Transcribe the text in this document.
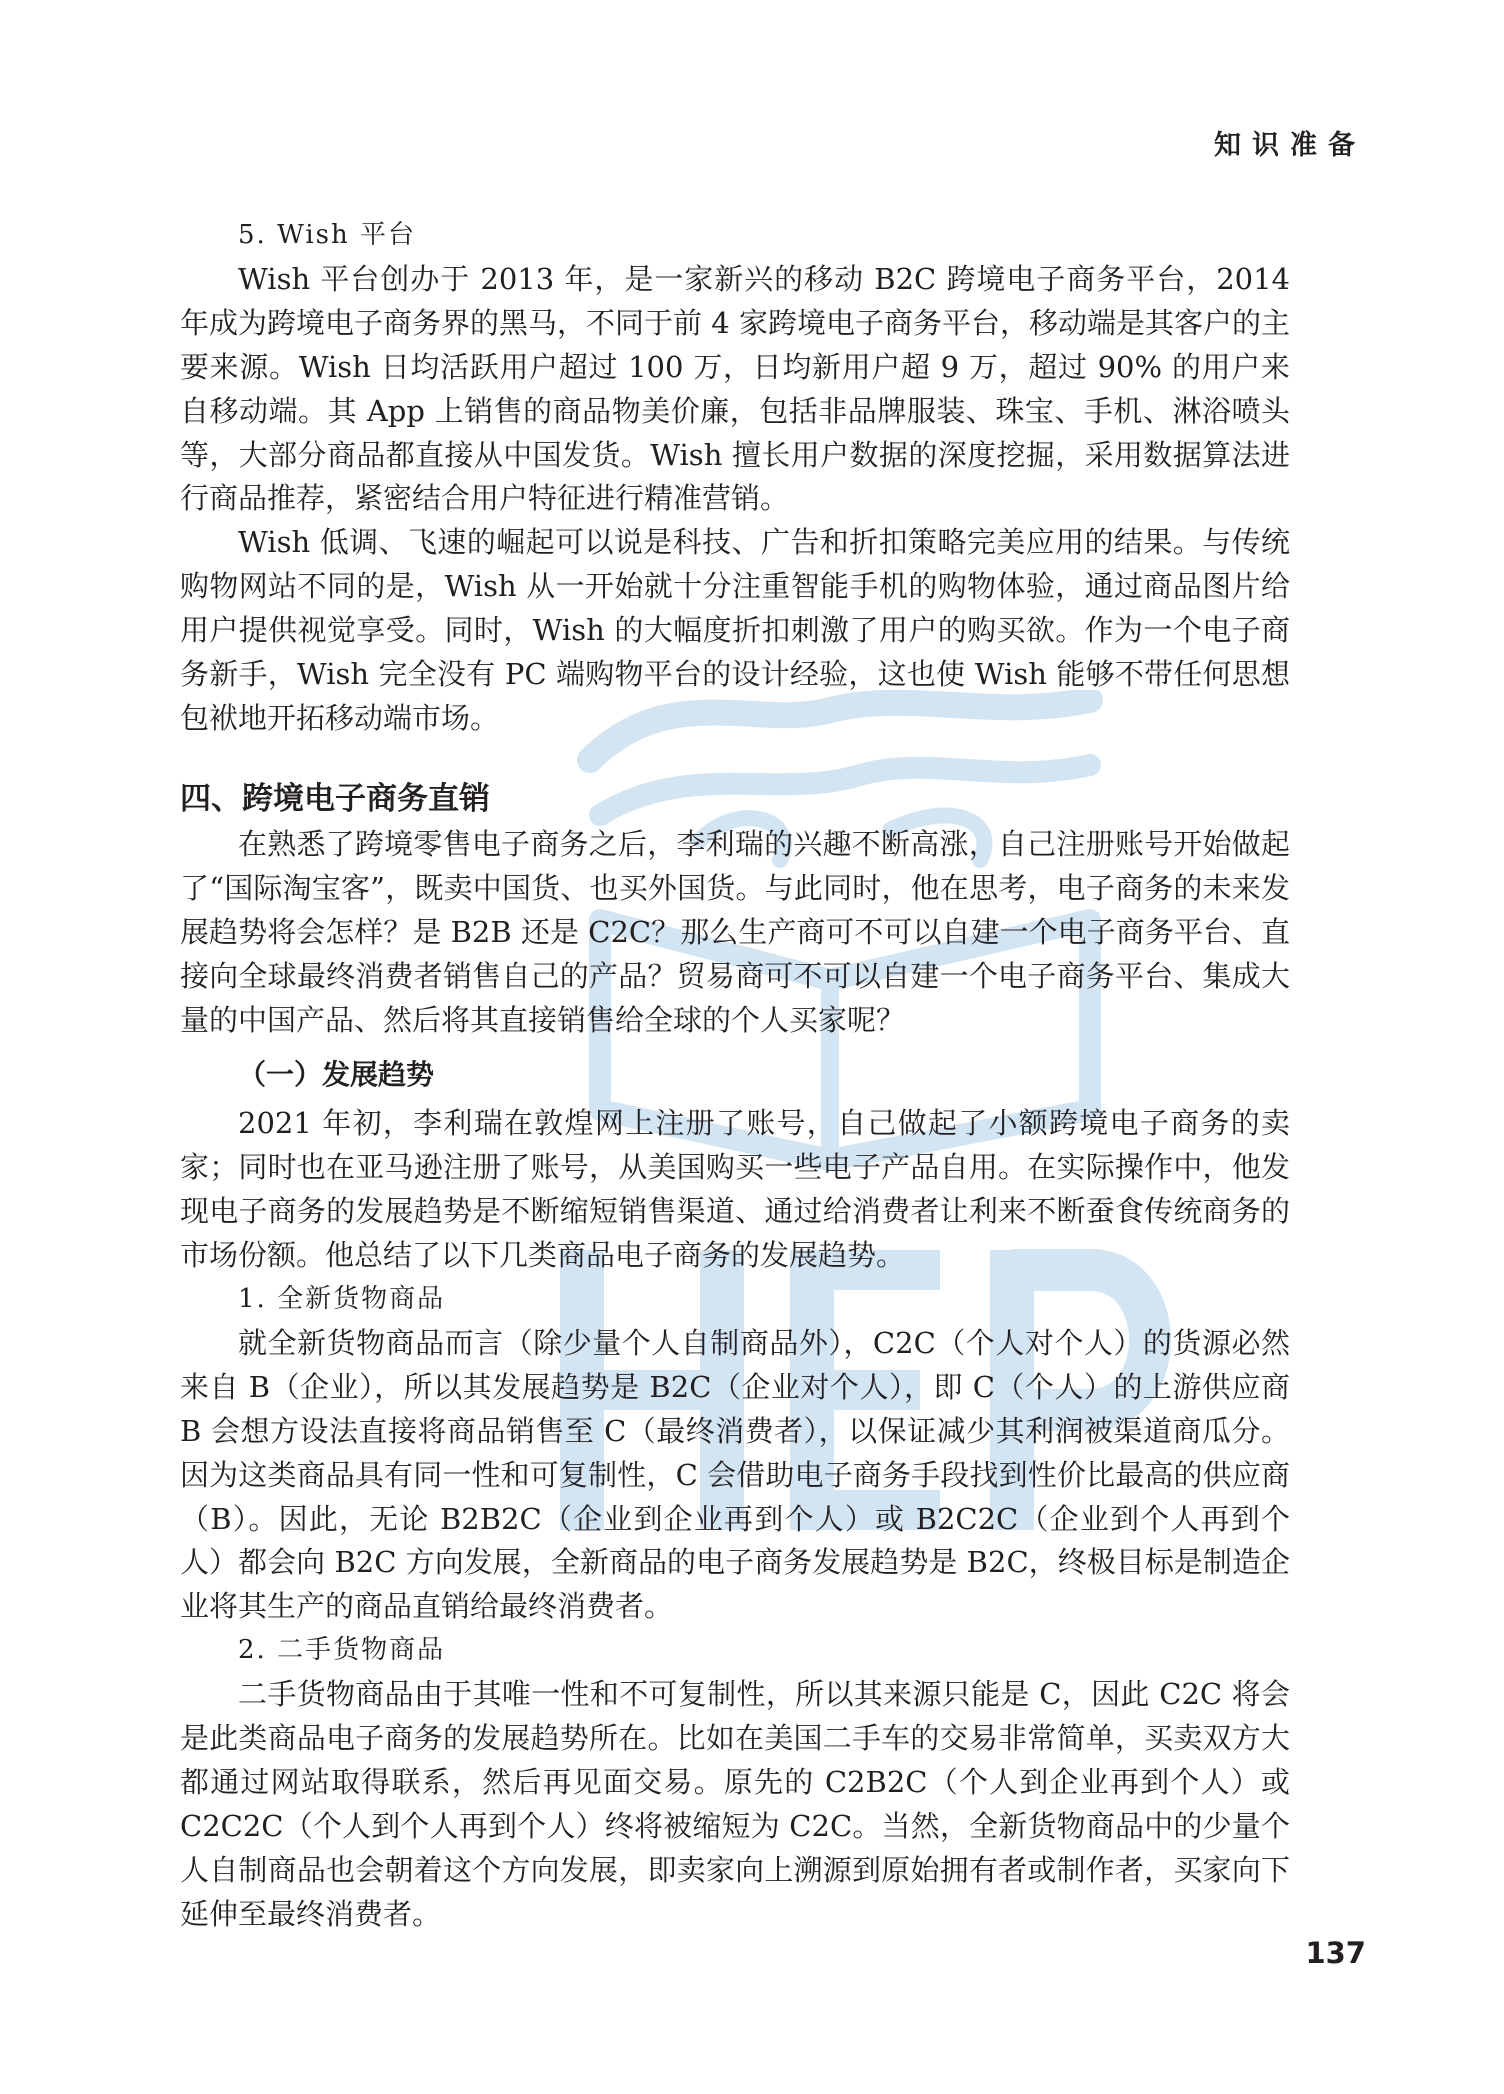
知识准备
5. Wish 平台

Wish 平台创办于 2013 年，是一家新兴的移动 B2C 跨境电子商务平台，2014 年成为跨境电子商务界的黑马，不同于前 4 家跨境电子商务平台，移动端是其客户的主要来源。Wish 日均活跃用户超过 100 万，日均新用户超 9 万，超过 90% 的用户来自移动端。其 App 上销售的商品物美价廉，包括非品牌服装、珠宝、手机、淋浴喷头等，大部分商品都直接从中国发货。Wish 擅长用户数据的深度挖掘，采用数据算法进行商品推荐，紧密结合用户特征进行精准营销。

Wish 低调、飞速的崛起可以说是科技、广告和折扣策略完美应用的结果。与传统购物网站不同的是，Wish 从一开始就十分注重智能手机的购物体验，通过商品图片给用户提供视觉享受。同时，Wish 的大幅度折扣刺激了用户的购买欲。作为一个电子商务新手，Wish 完全没有 PC 端购物平台的设计经验，这也使 Wish 能够不带任何思想包袱地开拓移动端市场。

四、跨境电子商务直销

在熟悉了跨境零售电子商务之后，李利瑞的兴趣不断高涨，自己注册账号开始做起了“国际淘宝客”，既卖中国货、也买外国货。与此同时，他在思考，电子商务的未来发展趋势将会怎样？是 B2B 还是 C2C？那么生产商可不可以自建一个电子商务平台、直接向全球最终消费者销售自己的产品？贸易商可不可以自建一个电子商务平台、集成大量的中国产品、然后将其直接销售给全球的个人买家呢？

（一）发展趋势

2021 年初，李利瑞在敦煌网上注册了账号，自己做起了小额跨境电子商务的卖家；同时也在亚马逊注册了账号，从美国购买一些电子产品自用。在实际操作中，他发现电子商务的发展趋势是不断缩短销售渠道、通过给消费者让利来不断蚕食传统商务的市场份额。他总结了以下几类商品电子商务的发展趋势。

1. 全新货物商品

就全新货物商品而言（除少量个人自制商品外），C2C（个人对个人）的货源必然来自 B（企业），所以其发展趋势是 B2C（企业对个人），即 C（个人）的上游供应商 B 会想方设法直接将商品销售至 C（最终消费者），以保证减少其利润被渠道商瓜分。因为这类商品具有同一性和可复制性，C 会借助电子商务手段找到性价比最高的供应商（B）。因此，无论 B2B2C（企业到企业再到个人）或 B2C2C（企业到个人再到个人）都会向 B2C 方向发展，全新商品的电子商务发展趋势是 B2C，终极目标是制造企业将其生产的商品直销给最终消费者。

2. 二手货物商品

二手货物商品由于其唯一性和不可复制性，所以其来源只能是 C，因此 C2C 将会是此类商品电子商务的发展趋势所在。比如在美国二手车的交易非常简单，买卖双方大都通过网站取得联系，然后再见面交易。原先的 C2B2C（个人到企业再到个人）或 C2C2C（个人到个人再到个人）终将被缩短为 C2C。当然，全新货物商品中的少量个人自制商品也会朝着这个方向发展，即卖家向上溯源到原始拥有者或制作者，买家向下延伸至最终消费者。

137
